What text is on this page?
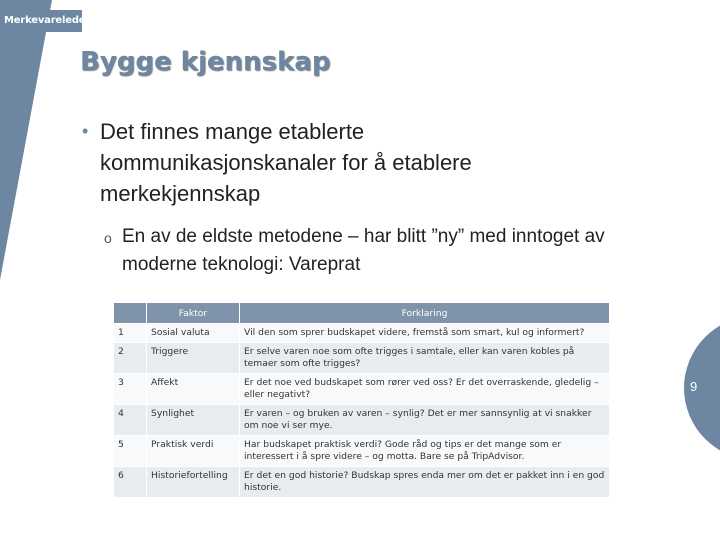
Merkevareledelse
Bygge kjennskap
• Det finnes mange etablerte kommunikasjonskanaler for å etablere merkekjennskap
o En av de eldste metodene – har blitt ”ny” med inntoget av moderne teknologi: Vareprat
	Faktor	Forklaring
1	Sosial valuta	Vil den som sprer budskapet videre, fremstå som smart, kul og informert?
2	Triggere	Er selve varen noe som ofte trigges i samtale, eller kan varen kobles på temaer som ofte trigges?
3	Affekt	Er det noe ved budskapet som rører ved oss? Er det overraskende, gledelig – eller negativt?
4	Synlighet	Er varen – og bruken av varen – synlig? Det er mer sannsynlig at vi snakker om noe vi ser mye.
5	Praktisk verdi	Har budskapet praktisk verdi? Gode råd og tips er det mange som er interessert i å spre videre – og motta. Bare se på TripAdvisor.
6	Historiefortelling	Er det en god historie? Budskap spres enda mer om det er pakket inn i en god historie.
9
